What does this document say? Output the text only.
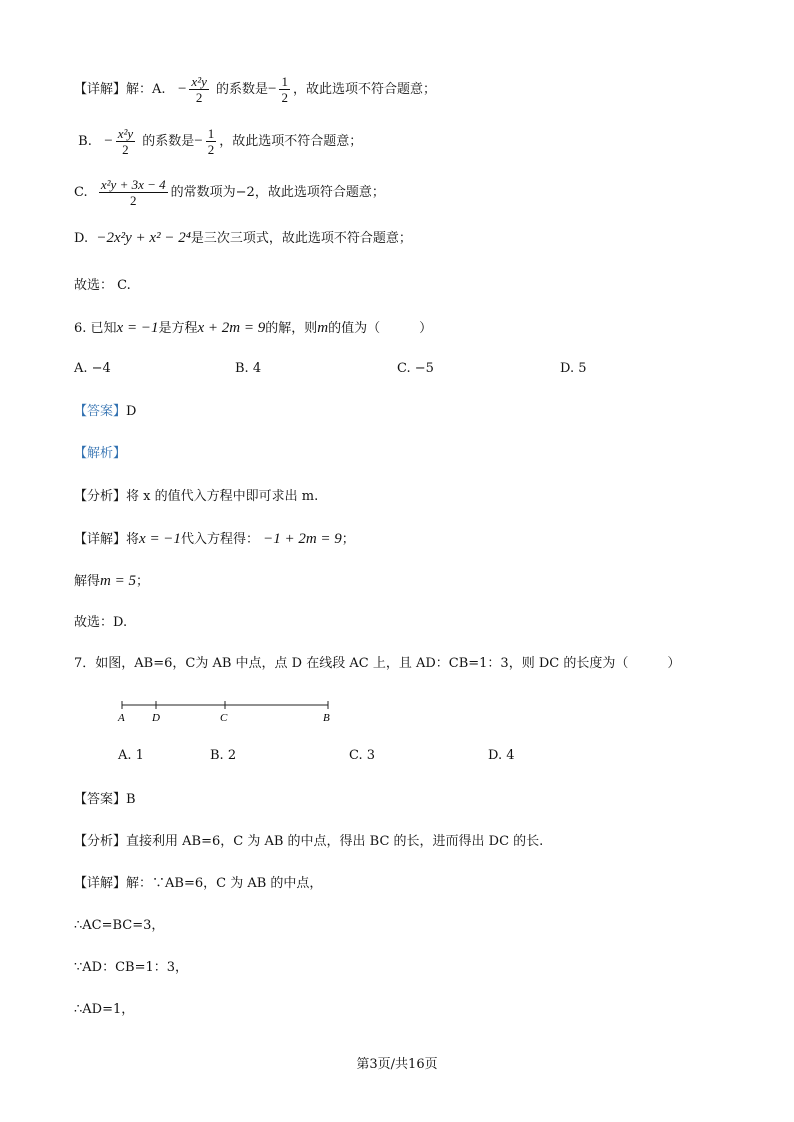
【详解】解：A. − $\frac{\text{x²y}}{2}$ 的系数是− $\frac{1}{2}$ ，故此选项不符合题意；
B. − $\frac{\text{x²y}}{2}$ 的系数是− $\frac{1}{2}$ ，故此选项不符合题意；
C. $\frac{\text{x²y + 3x − 4}}{2}$ 的常数项为−2，故此选项符合题意；
D. −2x²y + x² − 2⁴是三次三项式，故此选项不符合题意；
故选： C.
6. 已知x = −1是方程x + 2m = 9的解，则m的值为（　　　）
A. −4	B. 4	C. −5	D. 5
【答案】D
【解析】
【分析】将 x 的值代入方程中即可求出 m.
【详解】将x = −1代入方程得： −1 + 2m = 9；
解得m = 5；
故选：D.
7．如图，AB=6，C为 AB 中点，点 D 在线段 AC 上，且 AD：CB=1：3，则 DC 的长度为（　　　）
A D	C	B
A. 1	B. 2	C. 3	D. 4
【答案】B
【分析】直接利用 AB=6，C 为 AB 的中点，得出 BC 的长，进而得出 DC 的长.
【详解】解：∵AB=6，C 为 AB 的中点，
∴AC=BC=3，
∵AD：CB=1：3，
∴AD=1，
第3页/共16页
